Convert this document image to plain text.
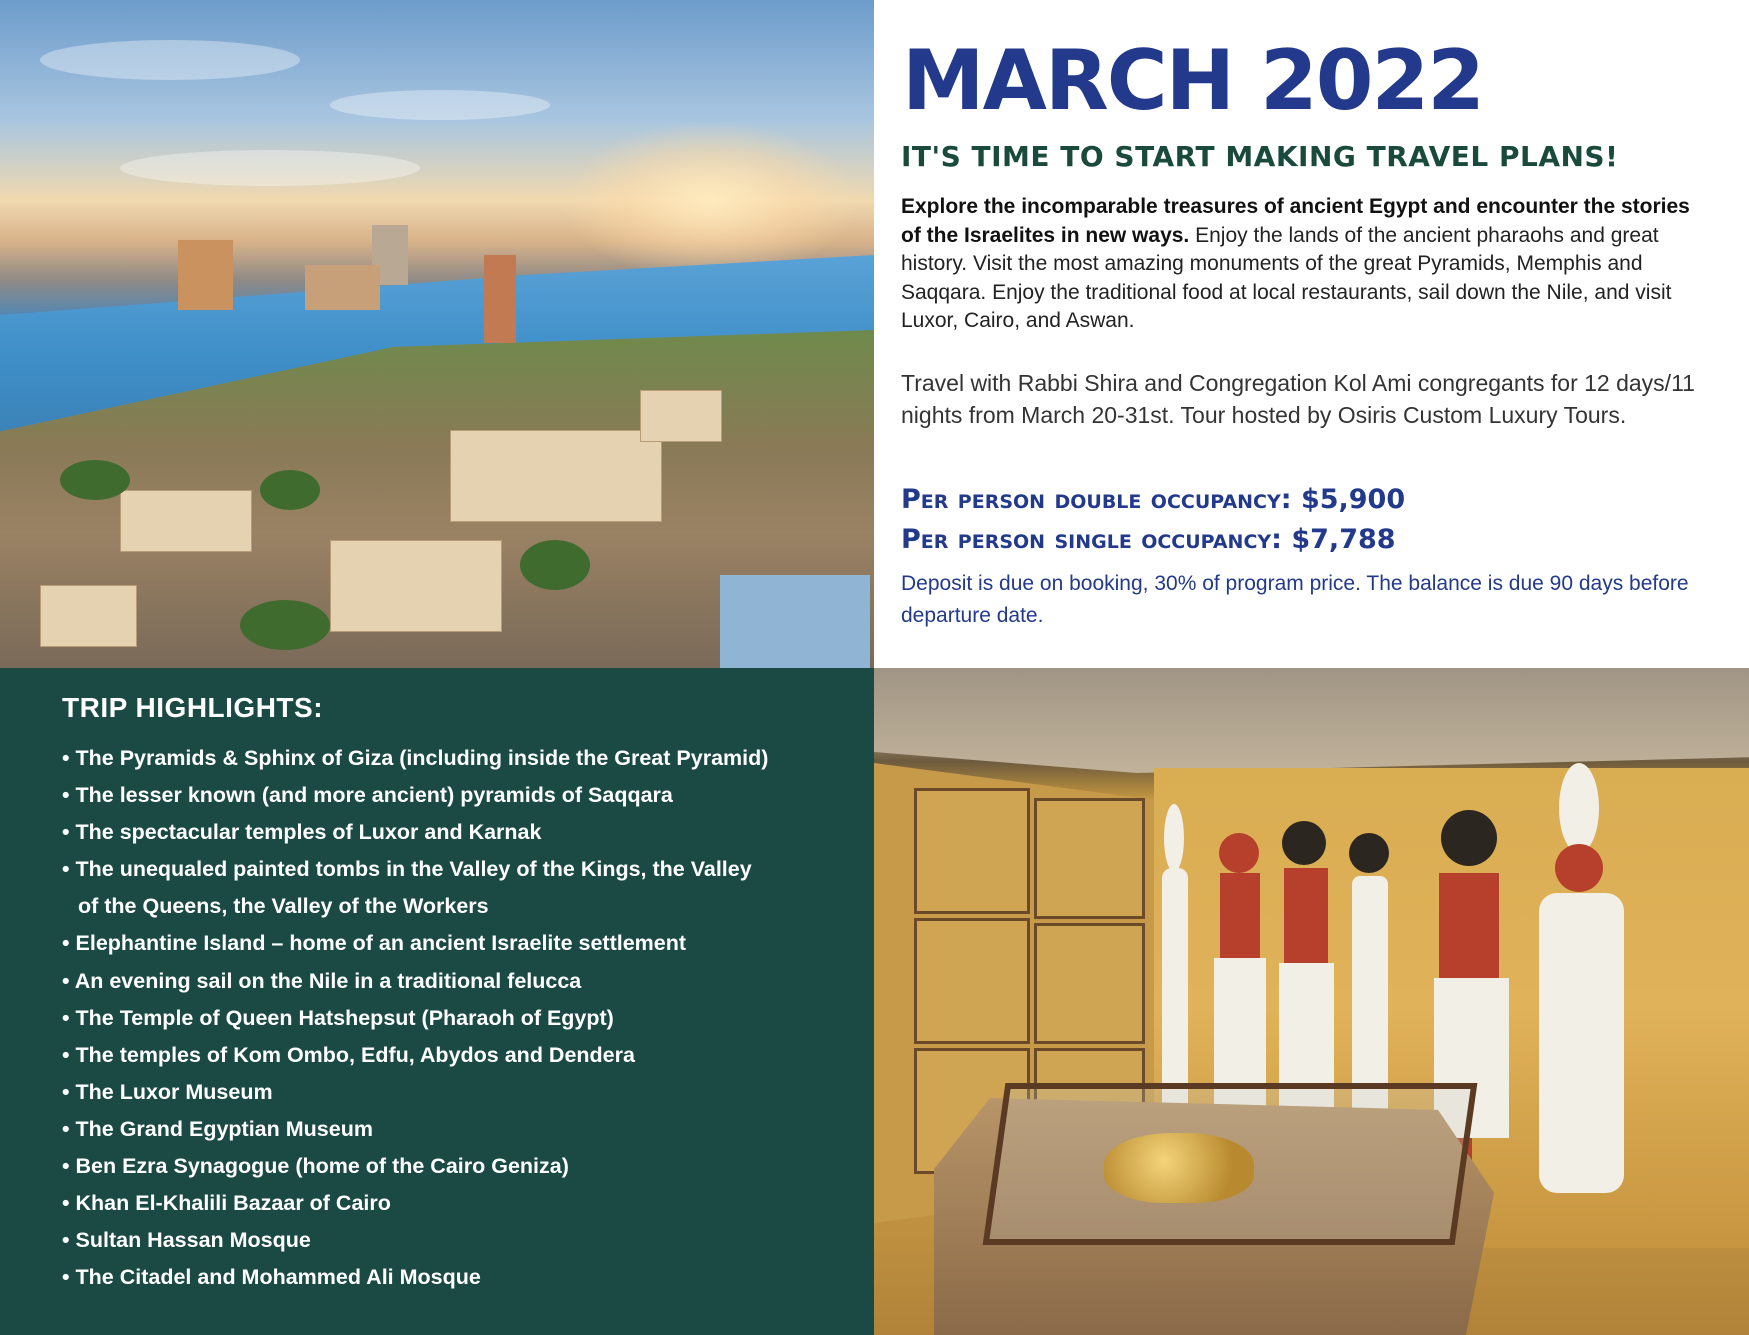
MARCH 2022
IT'S TIME TO START MAKING TRAVEL PLANS!
Explore the incomparable treasures of ancient Egypt and encounter the stories of the Israelites in new ways. Enjoy the lands of the ancient pharaohs and great history. Visit the most amazing monuments of the great Pyramids, Memphis and Saqqara. Enjoy the traditional food at local restaurants, sail down the Nile, and visit Luxor, Cairo, and Aswan.
Travel with Rabbi Shira and Congregation Kol Ami congregants for 12 days/11 nights from March 20-31st. Tour hosted by Osiris Custom Luxury Tours.
Per person double occupancy: $5,900
Per person single occupancy: $7,788
Deposit is due on booking, 30% of program price. The balance is due 90 days before departure date.
TRIP HIGHLIGHTS:
• The Pyramids & Sphinx of Giza (including inside the Great Pyramid)
• The lesser known (and more ancient) pyramids of Saqqara
• The spectacular temples of Luxor and Karnak
• The unequaled painted tombs in the Valley of the Kings, the Valley
of the Queens, the Valley of the Workers
• Elephantine Island – home of an ancient Israelite settlement
• An evening sail on the Nile in a traditional felucca
• The Temple of Queen Hatshepsut (Pharaoh of Egypt)
• The temples of Kom Ombo, Edfu, Abydos and Dendera
• The Luxor Museum
• The Grand Egyptian Museum
• Ben Ezra Synagogue (home of the Cairo Geniza)
• Khan El-Khalili Bazaar of Cairo
• Sultan Hassan Mosque
• The Citadel and Mohammed Ali Mosque
